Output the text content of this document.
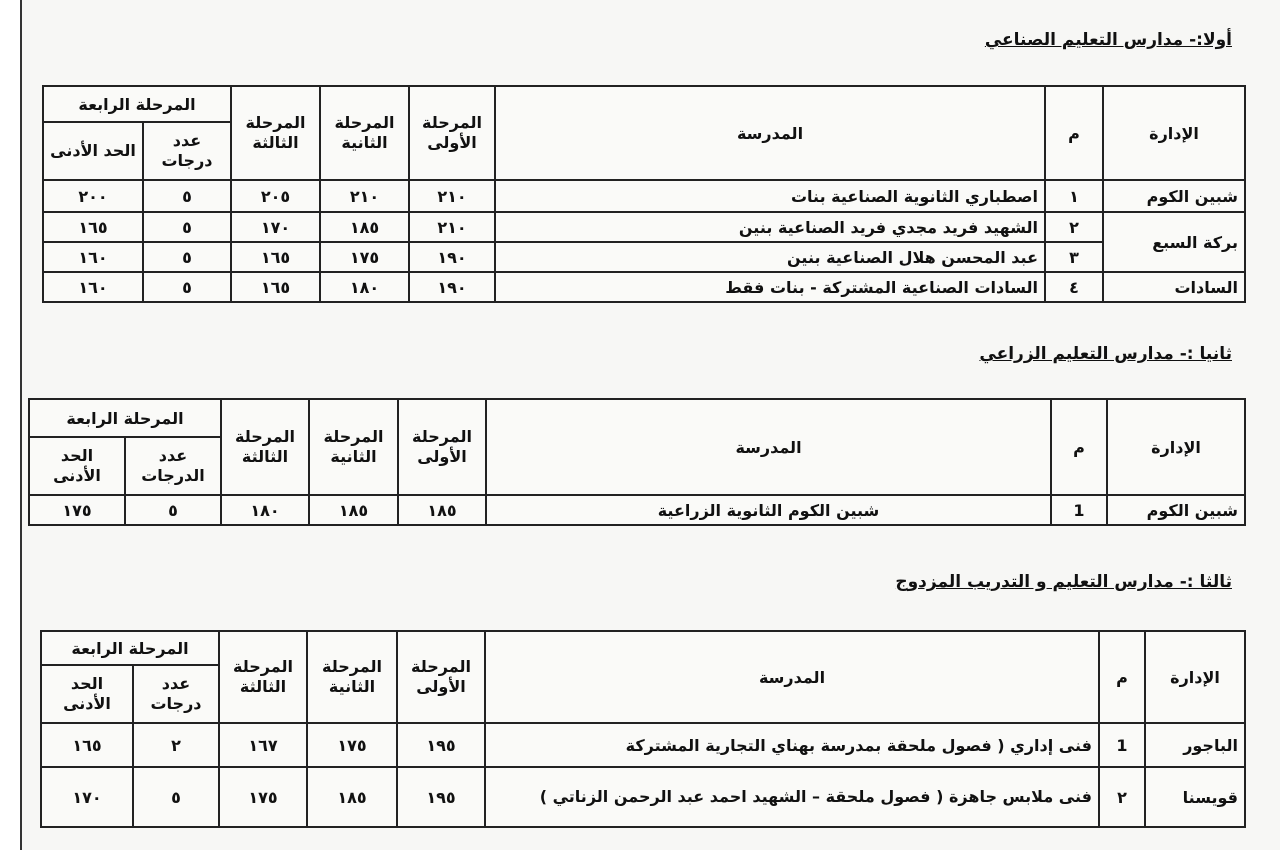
أولا:- مدارس التعليم الصناعي
الإدارة	م	المدرسة	المرحلة الأولى	المرحلة الثانية	المرحلة الثالثة	المرحلة الرابعة	
						عدد درجات	الحد الأدنى
شبين الكوم	١	اصطباري الثانوية الصناعية بنات	٢١٠	٢١٠	٢٠٥	٥	٢٠٠
بركة السبع	٢	الشهيد فريد مجدي فريد الصناعية بنين	٢١٠	١٨٥	١٧٠	٥	١٦٥
	٣	عبد المحسن هلال الصناعية بنين	١٩٠	١٧٥	١٦٥	٥	١٦٠
السادات	٤	السادات الصناعية المشتركة - بنات فقط	١٩٠	١٨٠	١٦٥	٥	١٦٠
ثانيا :- مدارس التعليم الزراعي
الإدارة	م	المدرسة	المرحلة الأولى	المرحلة الثانية	المرحلة الثالثة	المرحلة الرابعة	
						عدد الدرجات	الحد الأدنى
شبين الكوم	1	شبين الكوم الثانوية الزراعية	١٨٥	١٨٥	١٨٠	٥	١٧٥
ثالثا :- مدارس التعليم و التدريب المزدوج
الإدارة	م	المدرسة	المرحلة الأولى	المرحلة الثانية	المرحلة الثالثة	المرحلة الرابعة	
						عدد درجات	الحد الأدنى
الباجور	1	فنى إداري ( فصول ملحقة بمدرسة بهناي التجارية المشتركة	١٩٥	١٧٥	١٦٧	٢	١٦٥
قويسنا	٢	فنى ملابس جاهزة ( فصول ملحقة – الشهيد احمد عبد الرحمن الزناتي )	١٩٥	١٨٥	١٧٥	٥	١٧٠
